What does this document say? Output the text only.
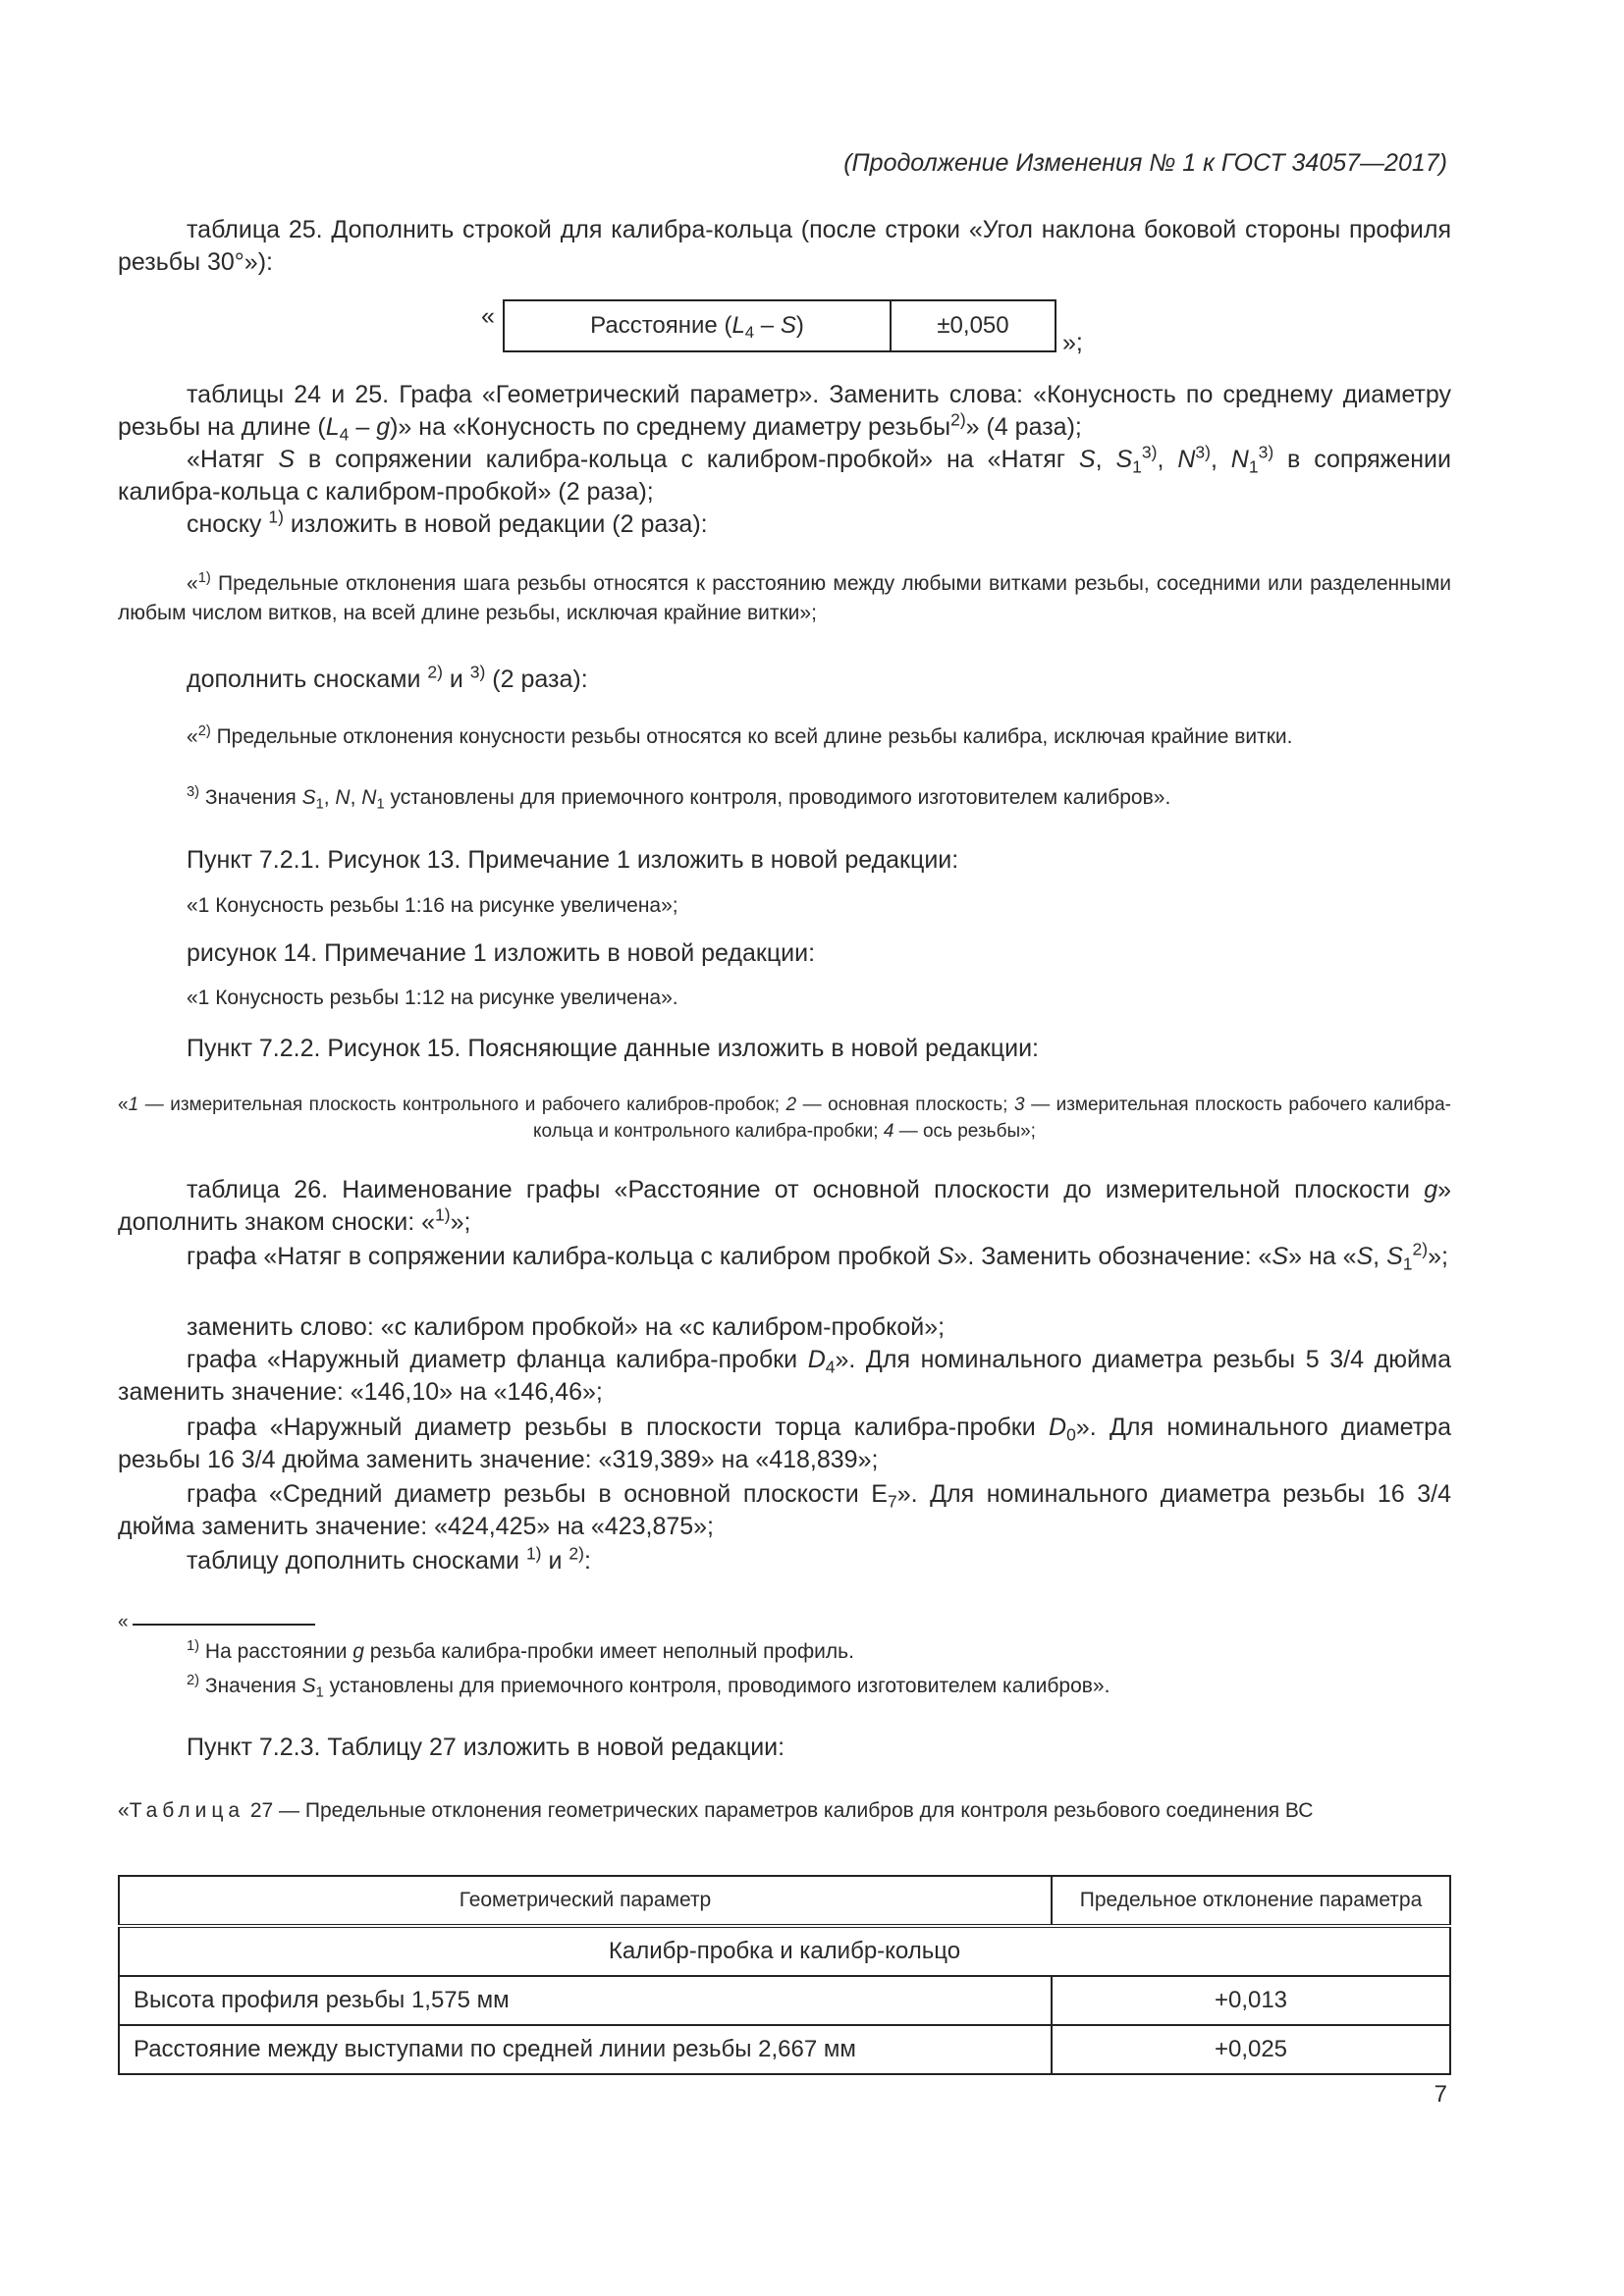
(Продолжение Изменения № 1 к ГОСТ 34057—2017)
таблица 25. Дополнить строкой для калибра-кольца (после строки «Угол наклона боковой стороны профиля резьбы 30°»):
«	Расстояние $(L_4 - S)$	±0,050
»;
таблицы 24 и 25. Графа «Геометрический параметр». Заменить слова: «Конусность по среднему диаметру резьбы на длине $(L_4 - g)$» на «Конусность по среднему диаметру резьбы$^{2)}$» (4 раза);
«Натяг S в сопряжении калибра-кольца с калибром-пробкой» на «Натяг S, $S_1^{3)}$, $N^{3)}$, $N_1^{3)}$ в сопряжении калибра-кольца с калибром-пробкой» (2 раза);
сноску $^{1)}$ изложить в новой редакции (2 раза):
«$^{1)}$ Предельные отклонения шага резьбы относятся к расстоянию между любыми витками резьбы, соседними или разделенными любым числом витков, на всей длине резьбы, исключая крайние витки»;
дополнить сносками $^{2)}$ и $^{3)}$ (2 раза):
«$^{2)}$ Предельные отклонения конусности резьбы относятся ко всей длине резьбы калибра, исключая крайние витки.
$^{3)}$ Значения $S_1$, N, $N_1$ установлены для приемочного контроля, проводимого изготовителем калибров».
Пункт 7.2.1. Рисунок 13. Примечание 1 изложить в новой редакции:
«1 Конусность резьбы 1:16 на рисунке увеличена»;
рисунок 14. Примечание 1 изложить в новой редакции:
«1 Конусность резьбы 1:12 на рисунке увеличена».
Пункт 7.2.2. Рисунок 15. Поясняющие данные изложить в новой редакции:
«1 — измерительная плоскость контрольного и рабочего калибров-пробок; 2 — основная плоскость; 3 — измерительная плоскость рабочего калибра-кольца и контрольного калибра-пробки; 4 — ось резьбы»;
таблица 26. Наименование графы «Расстояние от основной плоскости до измерительной плоскости g» дополнить знаком сноски: «$^{1)}$»;
графа «Натяг в сопряжении калибра-кольца с калибром пробкой S». Заменить обозначение: «S» на «S, $S_1^{2)}$»;
заменить слово: «с калибром пробкой» на «с калибром-пробкой»;
графа «Наружный диаметр фланца калибра-пробки $D_4$». Для номинального диаметра резьбы 5 3/4 дюйма заменить значение: «146,10» на «146,46»;
графа «Наружный диаметр резьбы в плоскости торца калибра-пробки $D_0$». Для номинального диаметра резьбы 16 3/4 дюйма заменить значение: «319,389» на «418,839»;
графа «Средний диаметр резьбы в основной плоскости $E_7$». Для номинального диаметра резьбы 16 3/4 дюйма заменить значение: «424,425» на «423,875»;
таблицу дополнить сносками $^{1)}$ и $^{2)}$:
«
$^{1)}$ На расстоянии g резьба калибра-пробки имеет неполный профиль.
$^{2)}$ Значения $S_1$ установлены для приемочного контроля, проводимого изготовителем калибров».
Пункт 7.2.3. Таблицу 27 изложить в новой редакции:
«Таблица 27 — Предельные отклонения геометрических параметров калибров для контроля резьбового соединения ВС
Геометрический параметр	Предельное отклонение параметра
Калибр-пробка и калибр-кольцо	
Высота профиля резьбы 1,575 мм	+0,013
Расстояние между выступами по средней линии резьбы 2,667 мм	+0,025
7
